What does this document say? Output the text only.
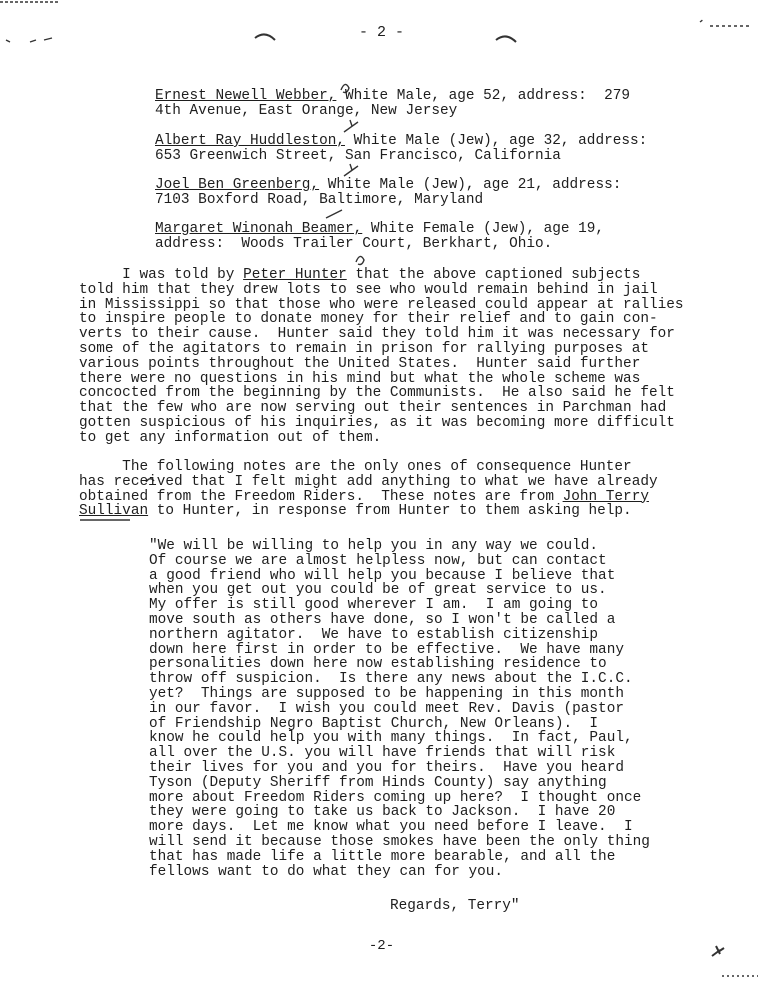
- 2 -
Ernest Newell Webber, White Male, age 52, address:  279
4th Avenue, East Orange, New Jersey
Albert Ray Huddleston, White Male (Jew), age 32, address:
653 Greenwich Street, San Francisco, California
Joel Ben Greenberg, White Male (Jew), age 21, address:
7103 Boxford Road, Baltimore, Maryland
Margaret Winonah Beamer, White Female (Jew), age 19,
address:  Woods Trailer Court, Berkhart, Ohio.
I was told by Peter Hunter that the above captioned subjects
told him that they drew lots to see who would remain behind in jail
in Mississippi so that those who were released could appear at rallies
to inspire people to donate money for their relief and to gain con-
verts to their cause.  Hunter said they told him it was necessary for
some of the agitators to remain in prison for rallying purposes at
various points throughout the United States.  Hunter said further
there were no questions in his mind but what the whole scheme was
concocted from the beginning by the Communists.  He also said he felt
that the few who are now serving out their sentences in Parchman had
gotten suspicious of his inquiries, as it was becoming more difficult
to get any information out of them.
The following notes are the only ones of consequence Hunter
has received that I felt might add anything to what we have already
obtained from the Freedom Riders.  These notes are from John Terry
Sullivan to Hunter, in response from Hunter to them asking help.
"We will be willing to help you in any way we could.
Of course we are almost helpless now, but can contact
a good friend who will help you because I believe that
when you get out you could be of great service to us.
My offer is still good wherever I am.  I am going to
move south as others have done, so I won't be called a
northern agitator.  We have to establish citizenship
down here first in order to be effective.  We have many
personalities down here now establishing residence to
throw off suspicion.  Is there any news about the I.C.C.
yet?  Things are supposed to be happening in this month
in our favor.  I wish you could meet Rev. Davis (pastor
of Friendship Negro Baptist Church, New Orleans).  I
know he could help you with many things.  In fact, Paul,
all over the U.S. you will have friends that will risk
their lives for you and you for theirs.  Have you heard
Tyson (Deputy Sheriff from Hinds County) say anything
more about Freedom Riders coming up here?  I thought once
they were going to take us back to Jackson.  I have 20
more days.  Let me know what you need before I leave.  I
will send it because those smokes have been the only thing
that has made life a little more bearable, and all the
fellows want to do what they can for you.
Regards, Terry"
-2-
